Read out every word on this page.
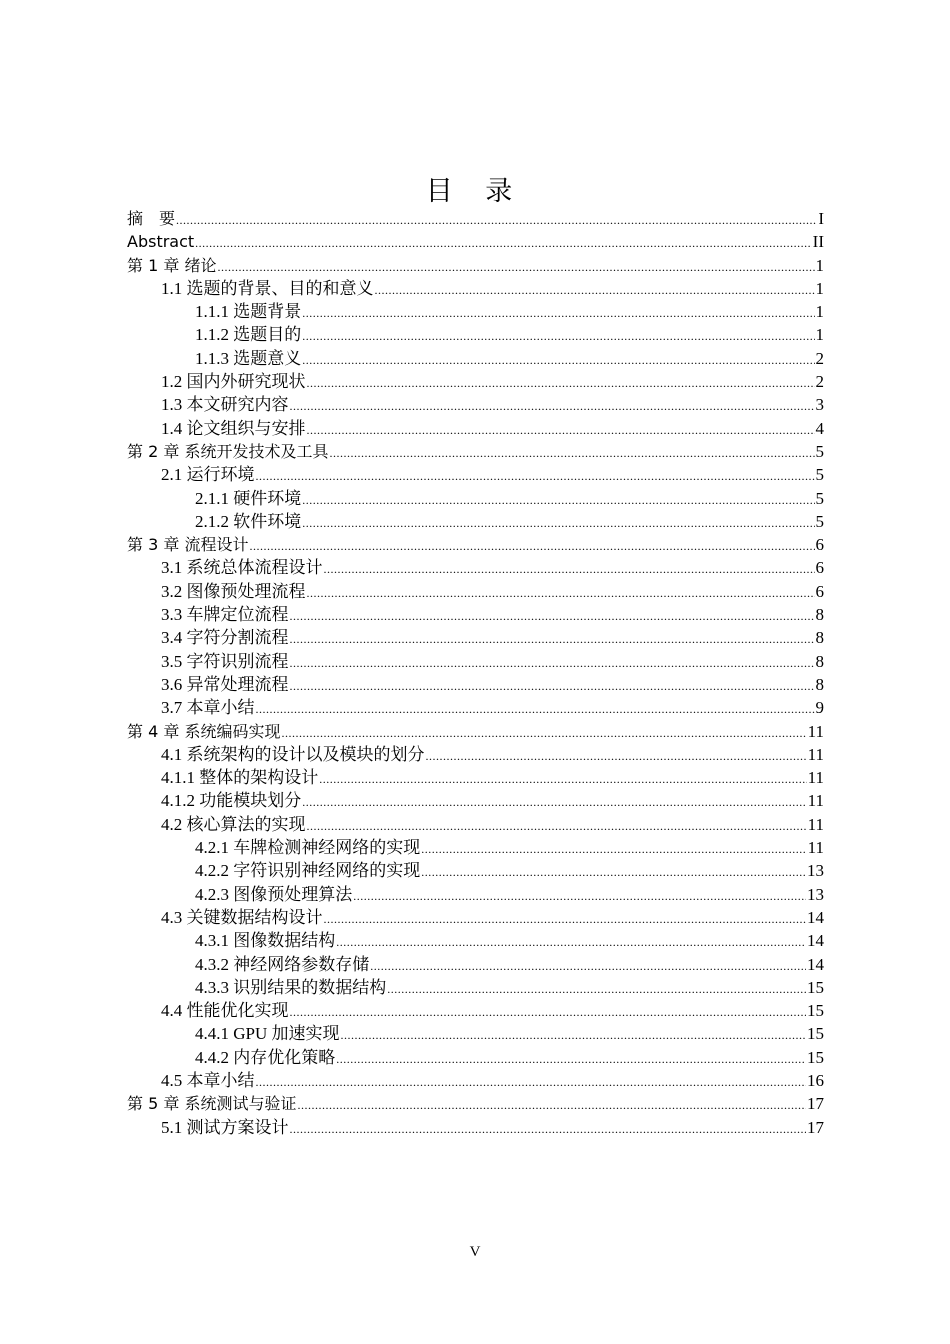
目 录
摘　要 .....	I
Abstract .....	II
第 1 章 绪论 .....	1
1.1 选题的背景、目的和意义 .....	1
1.1.1 选题背景 .....	1
1.1.2 选题目的 .....	1
1.1.3 选题意义 .....	2
1.2 国内外研究现状 .....	2
1.3 本文研究内容 .....	3
1.4 论文组织与安排 .....	4
第 2 章 系统开发技术及工具 .....	5
2.1 运行环境 .....	5
2.1.1 硬件环境 .....	5
2.1.2 软件环境 .....	5
第 3 章 流程设计 .....	6
3.1 系统总体流程设计 .....	6
3.2 图像预处理流程 .....	6
3.3 车牌定位流程 .....	8
3.4 字符分割流程 .....	8
3.5 字符识别流程 .....	8
3.6 异常处理流程 .....	8
3.7 本章小结 .....	9
第 4 章 系统编码实现 .....	11
4.1 系统架构的设计以及模块的划分 .....	11
4.1.1 整体的架构设计 .....	11
4.1.2 功能模块划分 .....	11
4.2 核心算法的实现 .....	11
4.2.1 车牌检测神经网络的实现 .....	11
4.2.2 字符识别神经网络的实现 .....	13
4.2.3 图像预处理算法 .....	13
4.3 关键数据结构设计 .....	14
4.3.1 图像数据结构 .....	14
4.3.2 神经网络参数存储 .....	14
4.3.3 识别结果的数据结构 .....	15
4.4 性能优化实现 .....	15
4.4.1 GPU 加速实现 .....	15
4.4.2 内存优化策略 .....	15
4.5 本章小结 .....	16
第 5 章 系统测试与验证 .....	17
5.1 测试方案设计 .....	17
V
